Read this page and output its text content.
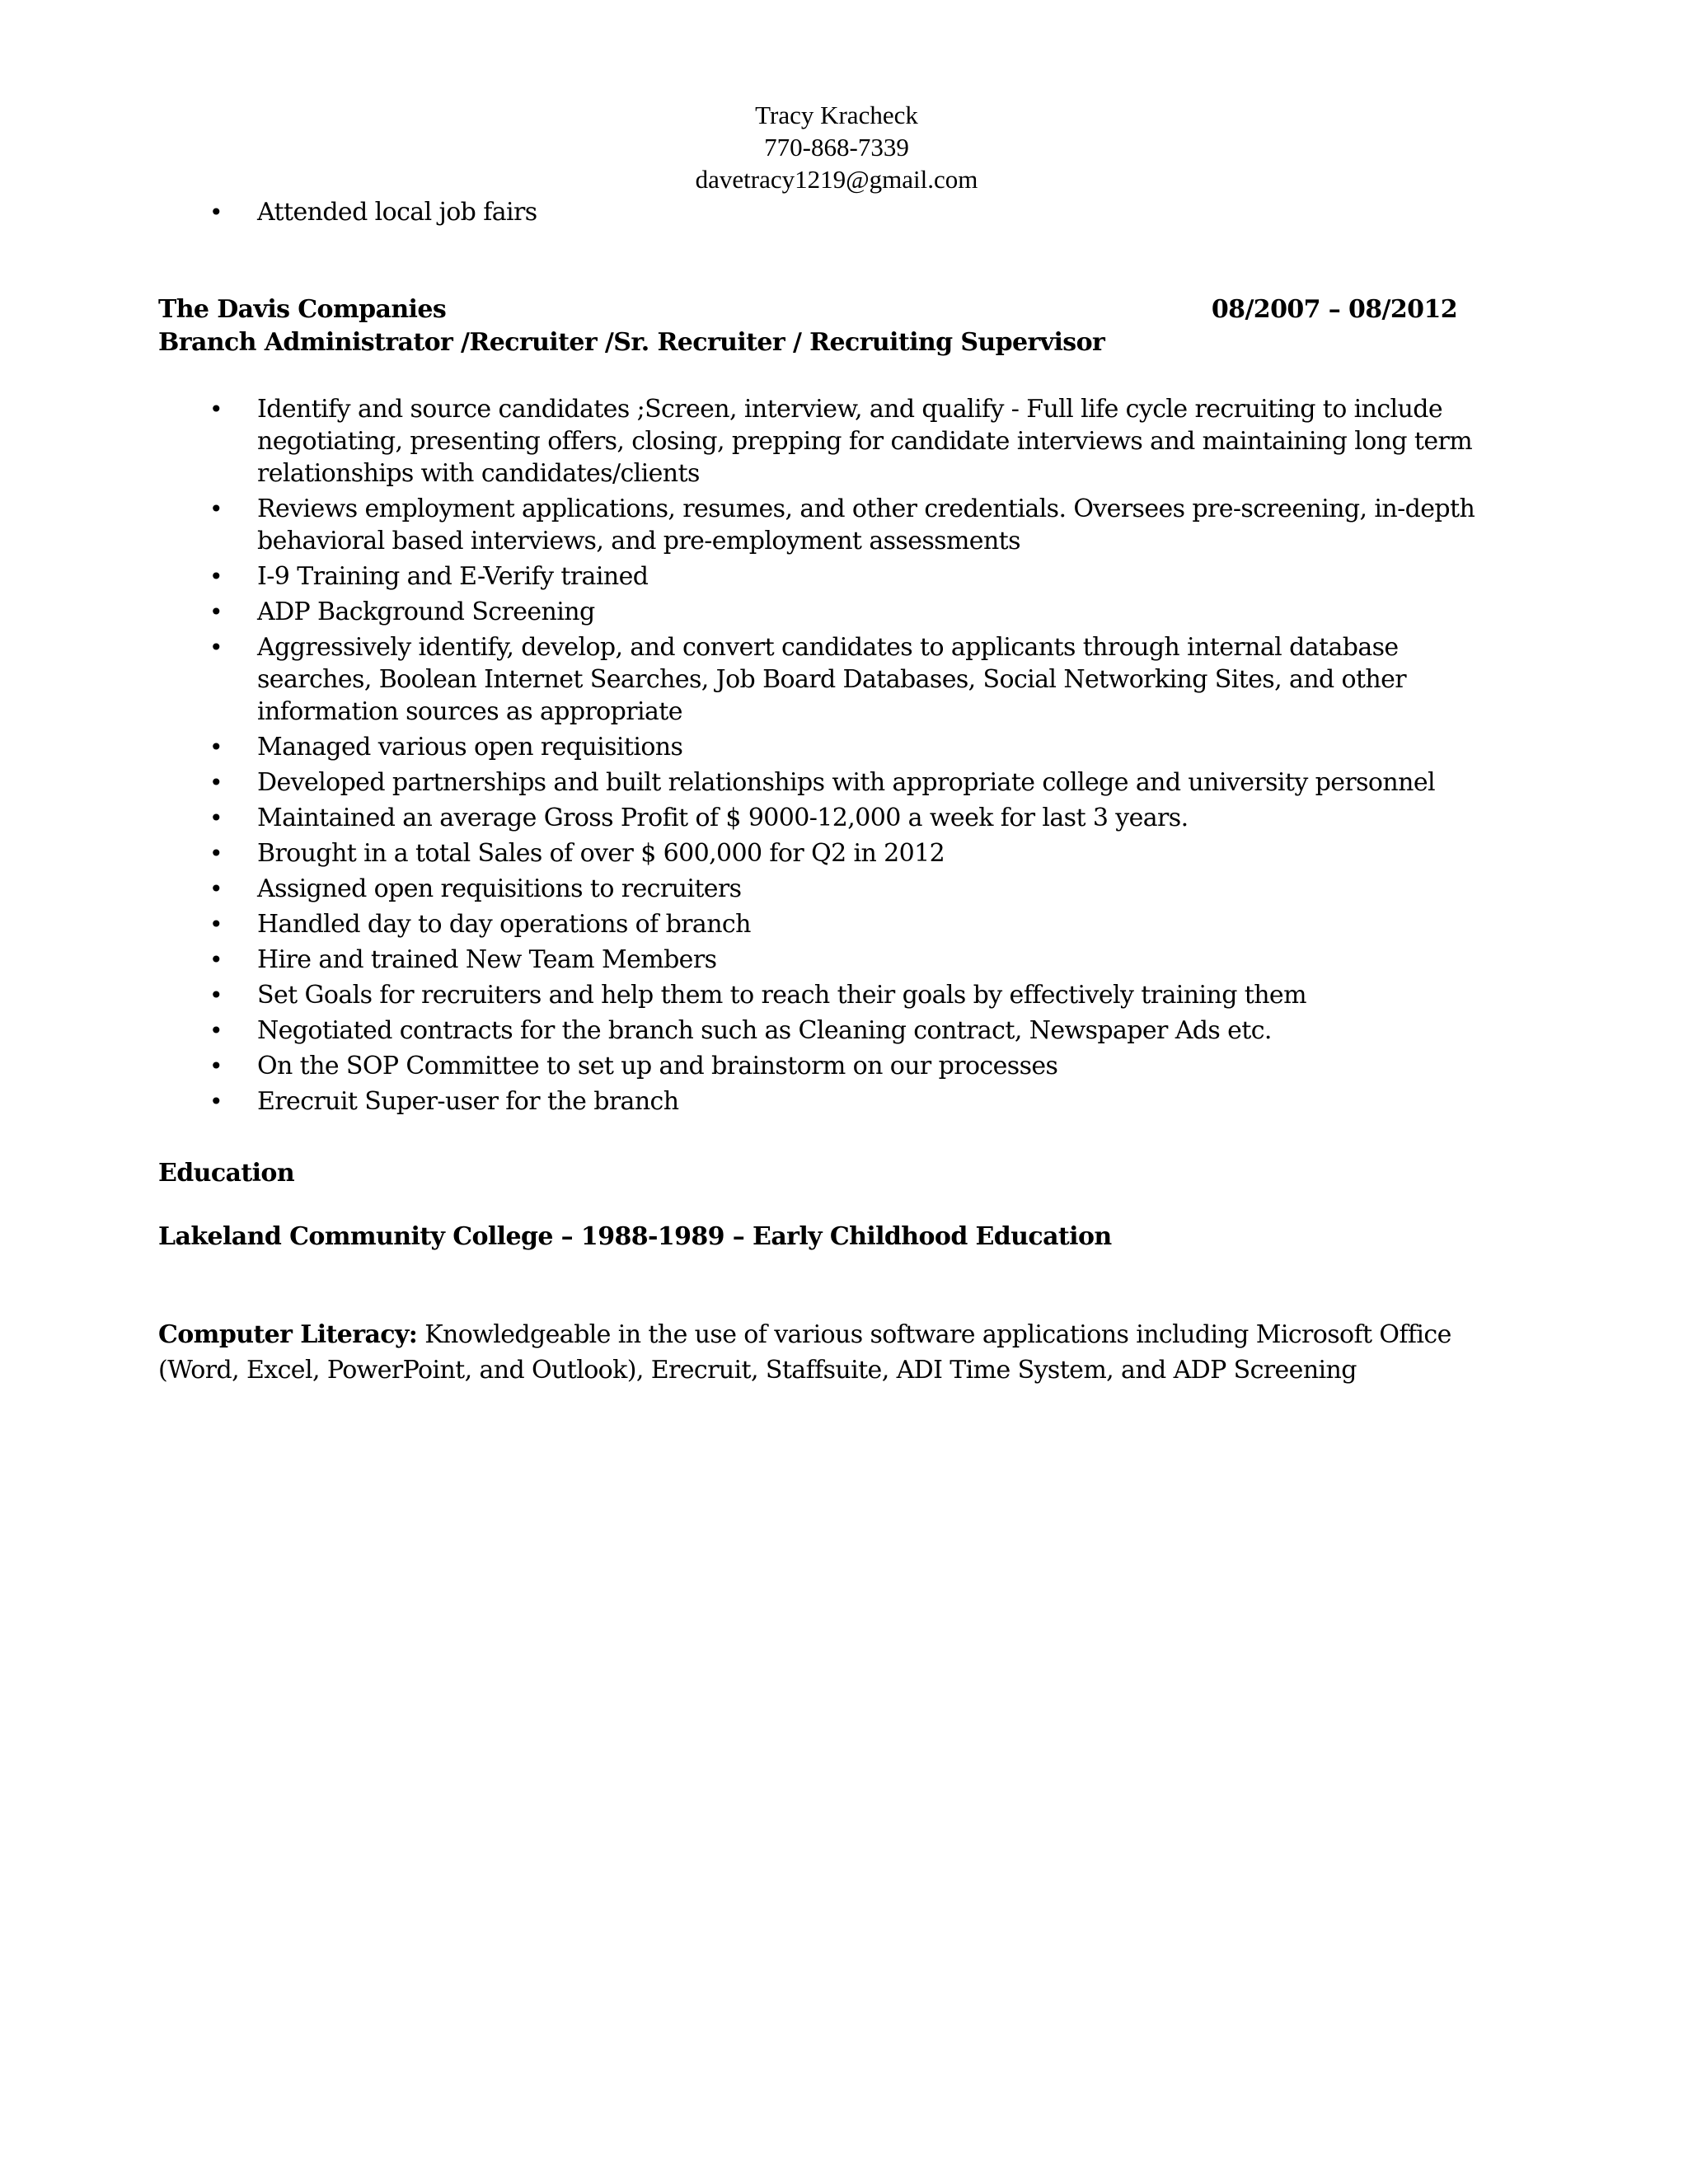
Tracy Kracheck
770-868-7339
davetracy1219@gmail.com
• Attended local job fairs
The Davis Companies	08/2007 – 08/2012
Branch Administrator /Recruiter /Sr. Recruiter / Recruiting Supervisor
• Identify and source candidates ;Screen, interview, and qualify - Full life cycle recruiting to include negotiating, presenting offers, closing, prepping for candidate interviews and maintaining long term relationships with candidates/clients
• Reviews employment applications, resumes, and other credentials. Oversees pre-screening, in-depth behavioral based interviews, and pre-employment assessments
• I-9 Training and E-Verify trained
• ADP Background Screening
• Aggressively identify, develop, and convert candidates to applicants through internal database searches, Boolean Internet Searches, Job Board Databases, Social Networking Sites, and other information sources as appropriate
• Managed various open requisitions
• Developed partnerships and built relationships with appropriate college and university personnel
• Maintained an average Gross Profit of $ 9000-12,000 a week for last 3 years.
• Brought in a total Sales of over $ 600,000 for Q2 in 2012
• Assigned open requisitions to recruiters
• Handled day to day operations of branch
• Hire and trained New Team Members
• Set Goals for recruiters and help them to reach their goals by effectively training them
• Negotiated contracts for the branch such as Cleaning contract, Newspaper Ads etc.
• On the SOP Committee to set up and brainstorm on our processes
• Erecruit Super-user for the branch
Education
Lakeland Community College – 1988-1989 – Early Childhood Education
Computer Literacy: Knowledgeable in the use of various software applications including Microsoft Office (Word, Excel, PowerPoint, and Outlook), Erecruit, Staffsuite, ADI Time System, and ADP Screening
